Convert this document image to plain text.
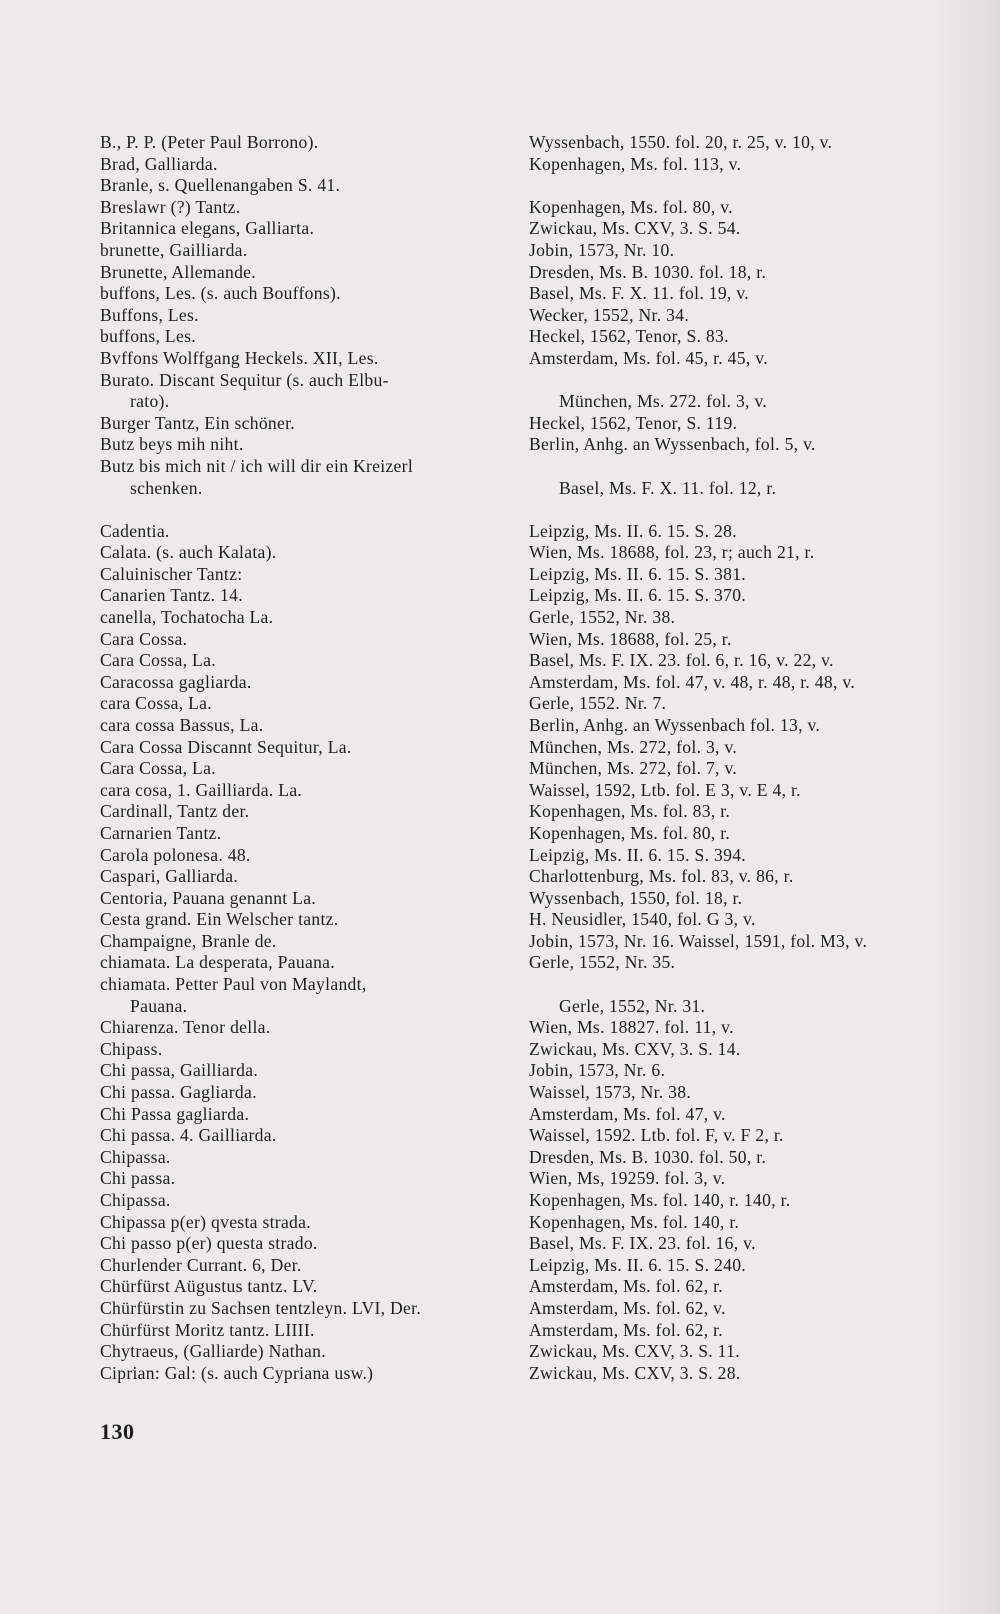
B., P. P. (Peter Paul Borrono).	Wyssenbach, 1550. fol. 20, r. 25, v. 10, v.
Brad, Galliarda.	Kopenhagen, Ms. fol. 113, v.
Branle, s. Quellenangaben S. 41.
Breslawr (?) Tantz.	Kopenhagen, Ms. fol. 80, v.
Britannica elegans, Galliarta.	Zwickau, Ms. CXV, 3. S. 54.
brunette, Gailliarda.	Jobin, 1573, Nr. 10.
Brunette, Allemande.	Dresden, Ms. B. 1030. fol. 18, r.
buffons, Les. (s. auch Bouffons).	Basel, Ms. F. X. 11. fol. 19, v.
Buffons, Les.	Wecker, 1552, Nr. 34.
buffons, Les.	Heckel, 1562, Tenor, S. 83.
Bvffons Wolffgang Heckels. XII, Les.	Amsterdam, Ms. fol. 45, r. 45, v.
Burato. Discant Sequitur (s. auch Elbu-
rato).	München, Ms. 272. fol. 3, v.
Burger Tantz, Ein schöner.	Heckel, 1562, Tenor, S. 119.
Butz beys mih niht.	Berlin, Anhg. an Wyssenbach, fol. 5, v.
Butz bis mich nit / ich will dir ein Kreizerl
schenken.	Basel, Ms. F. X. 11. fol. 12, r.
Cadentia.	Leipzig, Ms. II. 6. 15. S. 28.
Calata. (s. auch Kalata).	Wien, Ms. 18688, fol. 23, r; auch 21, r.
Caluinischer Tantz:	Leipzig, Ms. II. 6. 15. S. 381.
Canarien Tantz. 14.	Leipzig, Ms. II. 6. 15. S. 370.
canella, Tochatocha La.	Gerle, 1552, Nr. 38.
Cara Cossa.	Wien, Ms. 18688, fol. 25, r.
Cara Cossa, La.	Basel, Ms. F. IX. 23. fol. 6, r. 16, v. 22, v.
Caracossa gagliarda.	Amsterdam, Ms. fol. 47, v. 48, r. 48, r. 48, v.
cara Cossa, La.	Gerle, 1552. Nr. 7.
cara cossa Bassus, La.	Berlin, Anhg. an Wyssenbach fol. 13, v.
Cara Cossa Discannt Sequitur, La.	München, Ms. 272, fol. 3, v.
Cara Cossa, La.	München, Ms. 272, fol. 7, v.
cara cosa, 1. Gailliarda. La.	Waissel, 1592, Ltb. fol. E 3, v. E 4, r.
Cardinall, Tantz der.	Kopenhagen, Ms. fol. 83, r.
Carnarien Tantz.	Kopenhagen, Ms. fol. 80, r.
Carola polonesa. 48.	Leipzig, Ms. II. 6. 15. S. 394.
Caspari, Galliarda.	Charlottenburg, Ms. fol. 83, v. 86, r.
Centoria, Pauana genannt La.	Wyssenbach, 1550, fol. 18, r.
Cesta grand. Ein Welscher tantz.	H. Neusidler, 1540, fol. G 3, v.
Champaigne, Branle de.	Jobin, 1573, Nr. 16. Waissel, 1591, fol. M3, v.
chiamata. La desperata, Pauana.	Gerle, 1552, Nr. 35.
chiamata. Petter Paul von Maylandt,
Pauana.	Gerle, 1552, Nr. 31.
Chiarenza. Tenor della.	Wien, Ms. 18827. fol. 11, v.
Chipass.	Zwickau, Ms. CXV, 3. S. 14.
Chi passa, Gailliarda.	Jobin, 1573, Nr. 6.
Chi passa. Gagliarda.	Waissel, 1573, Nr. 38.
Chi Passa gagliarda.	Amsterdam, Ms. fol. 47, v.
Chi passa. 4. Gailliarda.	Waissel, 1592. Ltb. fol. F, v. F 2, r.
Chipassa.	Dresden, Ms. B. 1030. fol. 50, r.
Chi passa.	Wien, Ms, 19259. fol. 3, v.
Chipassa.	Kopenhagen, Ms. fol. 140, r. 140, r.
Chipassa p(er) qvesta strada.	Kopenhagen, Ms. fol. 140, r.
Chi passo p(er) questa strado.	Basel, Ms. F. IX. 23. fol. 16, v.
Churlender Currant. 6, Der.	Leipzig, Ms. II. 6. 15. S. 240.
Chürfürst Aügustus tantz. LV.	Amsterdam, Ms. fol. 62, r.
Chürfürstin zu Sachsen tentzleyn. LVI, Der.	Amsterdam, Ms. fol. 62, v.
Chürfürst Moritz tantz. LIIII.	Amsterdam, Ms. fol. 62, r.
Chytraeus, (Galliarde) Nathan.	Zwickau, Ms. CXV, 3. S. 11.
Ciprian: Gal: (s. auch Cypriana usw.)	Zwickau, Ms. CXV, 3. S. 28.
130
